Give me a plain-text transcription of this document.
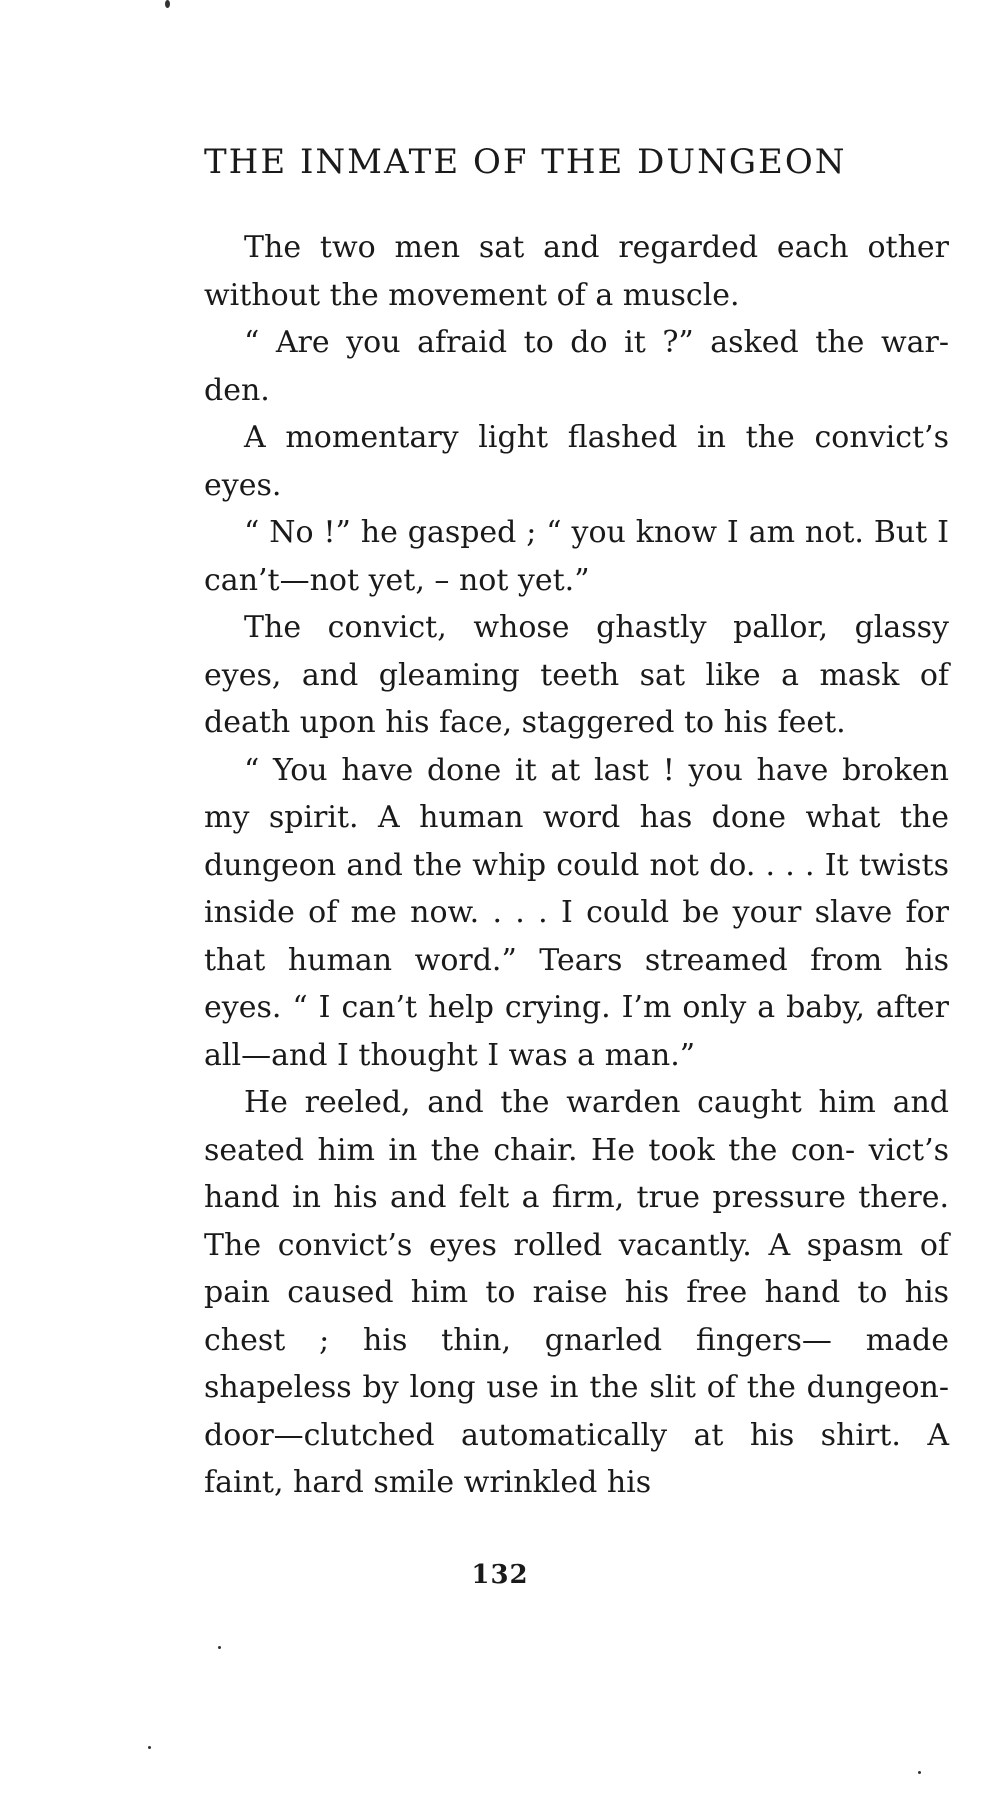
THE INMATE OF THE DUNGEON

The two men sat and regarded each other without the movement of a muscle.

“ Are you afraid to do it ?” asked the war- den.

A momentary light flashed in the convict’s eyes.

“ No !” he gasped ; “ you know I am not. But I can’t—not yet, – not yet.”

The convict, whose ghastly pallor, glassy eyes, and gleaming teeth sat like a mask of death upon his face, staggered to his feet.

“ You have done it at last ! you have broken my spirit. A human word has done what the dungeon and the whip could not do. . . . It twists inside of me now. . . . I could be your slave for that human word.” Tears streamed from his eyes. “ I can’t help crying. I’m only a baby, after all—and I thought I was a man.”

He reeled, and the warden caught him and seated him in the chair. He took the con- vict’s hand in his and felt a firm, true pressure there. The convict’s eyes rolled vacantly. A spasm of pain caused him to raise his free hand to his chest ; his thin, gnarled fingers— made shapeless by long use in the slit of the dungeon-door—clutched automatically at his shirt. A faint, hard smile wrinkled his

132
